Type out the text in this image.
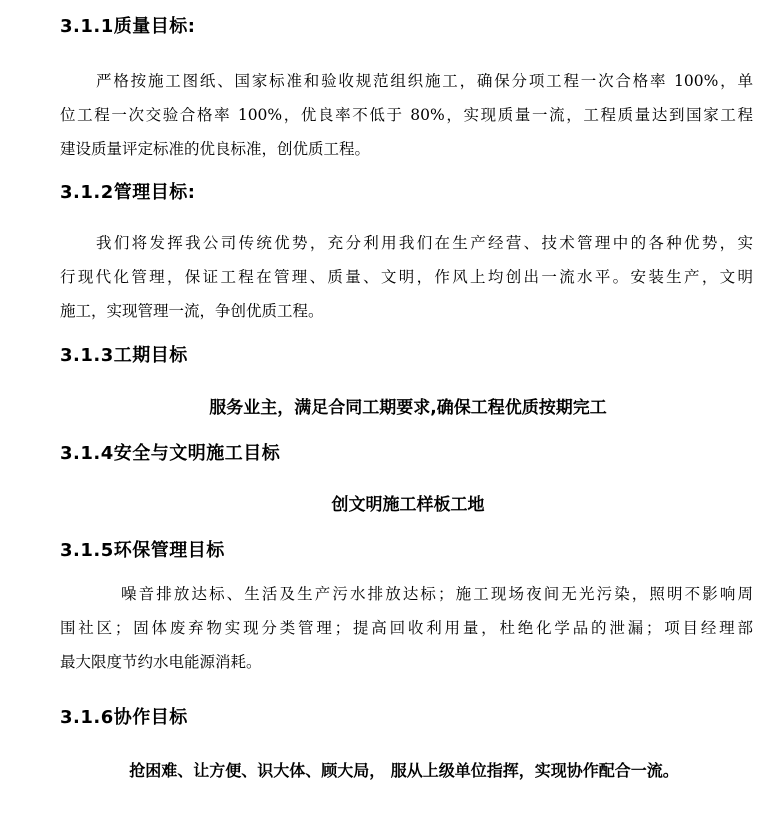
3.1.1质量目标:
严格按施工图纸、国家标准和验收规范组织施工，确保分项工程一次合格率 100%，单
位工程一次交验合格率 100%，优良率不低于 80%，实现质量一流，工程质量达到国家工程
建设质量评定标准的优良标准，创优质工程。
3.1.2管理目标:
我们将发挥我公司传统优势，充分利用我们在生产经营、技术管理中的各种优势，实
行现代化管理，保证工程在管理、质量、文明，作风上均创出一流水平。安装生产，文明
施工，实现管理一流，争创优质工程。
3.1.3工期目标
服务业主，满足合同工期要求,确保工程优质按期完工
3.1.4安全与文明施工目标
创文明施工样板工地
3.1.5环保管理目标
噪音排放达标、生活及生产污水排放达标；施工现场夜间无光污染，照明不影响周
围社区；固体废弃物实现分类管理；提高回收利用量，杜绝化学品的泄漏；项目经理部
最大限度节约水电能源消耗。
3.1.6协作目标
抢困难、让方便、识大体、顾大局， 服从上级单位指挥，实现协作配合一流。
